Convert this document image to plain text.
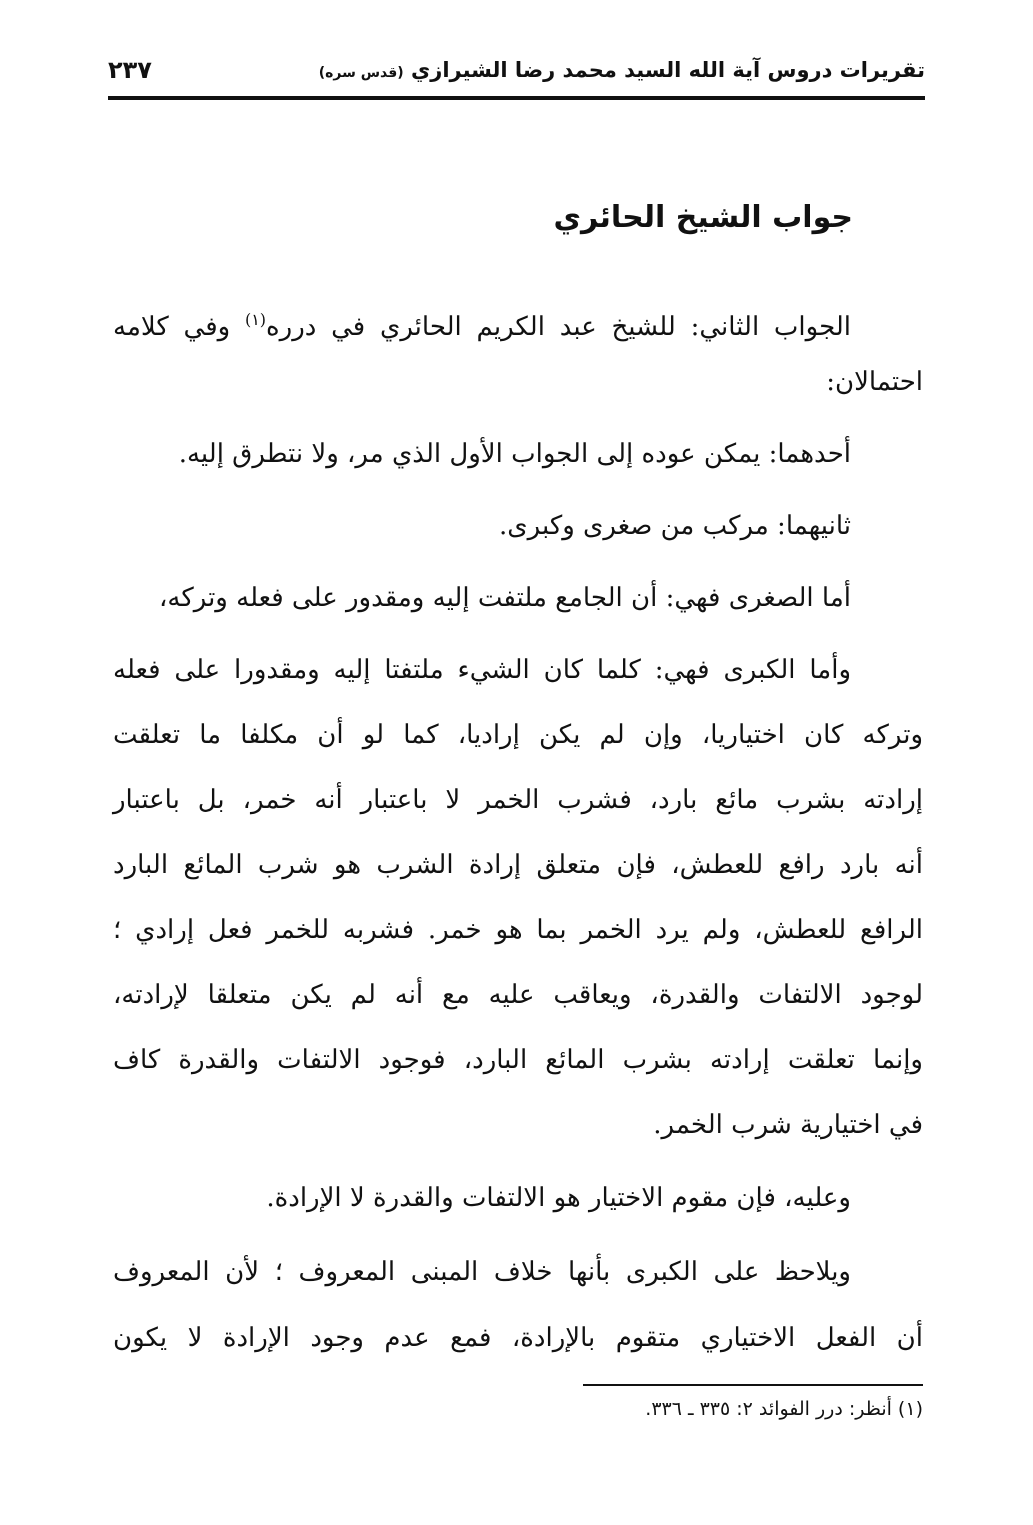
تقريرات دروس آية الله السيد محمد رضا الشيرازي (قدس سره)
٢٣٧
جواب الشيخ الحائري
الجواب الثاني: للشيخ عبد الكريم الحائري في درره$^{(١)}$ وفي كلامه
احتمالان:
أحدهما: يمكن عوده إلى الجواب الأول الذي مر، ولا نتطرق إليه.
ثانيهما: مركب من صغرى وكبرى.
أما الصغرى فهي: أن الجامع ملتفت إليه ومقدور على فعله وتركه،
وأما الكبرى فهي: كلما كان الشيء ملتفتا إليه ومقدورا على فعله
وتركه كان اختياريا، وإن لم يكن إراديا، كما لو أن مكلفا ما تعلقت
إرادته بشرب مائع بارد، فشرب الخمر لا باعتبار أنه خمر، بل باعتبار
أنه بارد رافع للعطش، فإن متعلق إرادة الشرب هو شرب المائع البارد
الرافع للعطش، ولم يرد الخمر بما هو خمر. فشربه للخمر فعل إرادي ؛
لوجود الالتفات والقدرة، ويعاقب عليه مع أنه لم يكن متعلقا لإرادته،
وإنما تعلقت إرادته بشرب المائع البارد، فوجود الالتفات والقدرة كاف
في اختيارية شرب الخمر.
وعليه، فإن مقوم الاختيار هو الالتفات والقدرة لا الإرادة.
ويلاحظ على الكبرى بأنها خلاف المبنى المعروف ؛ لأن المعروف
أن الفعل الاختياري متقوم بالإرادة، فمع عدم وجود الإرادة لا يكون
(١) أنظر: درر الفوائد ٢: ٣٣٥ ـ ٣٣٦.
